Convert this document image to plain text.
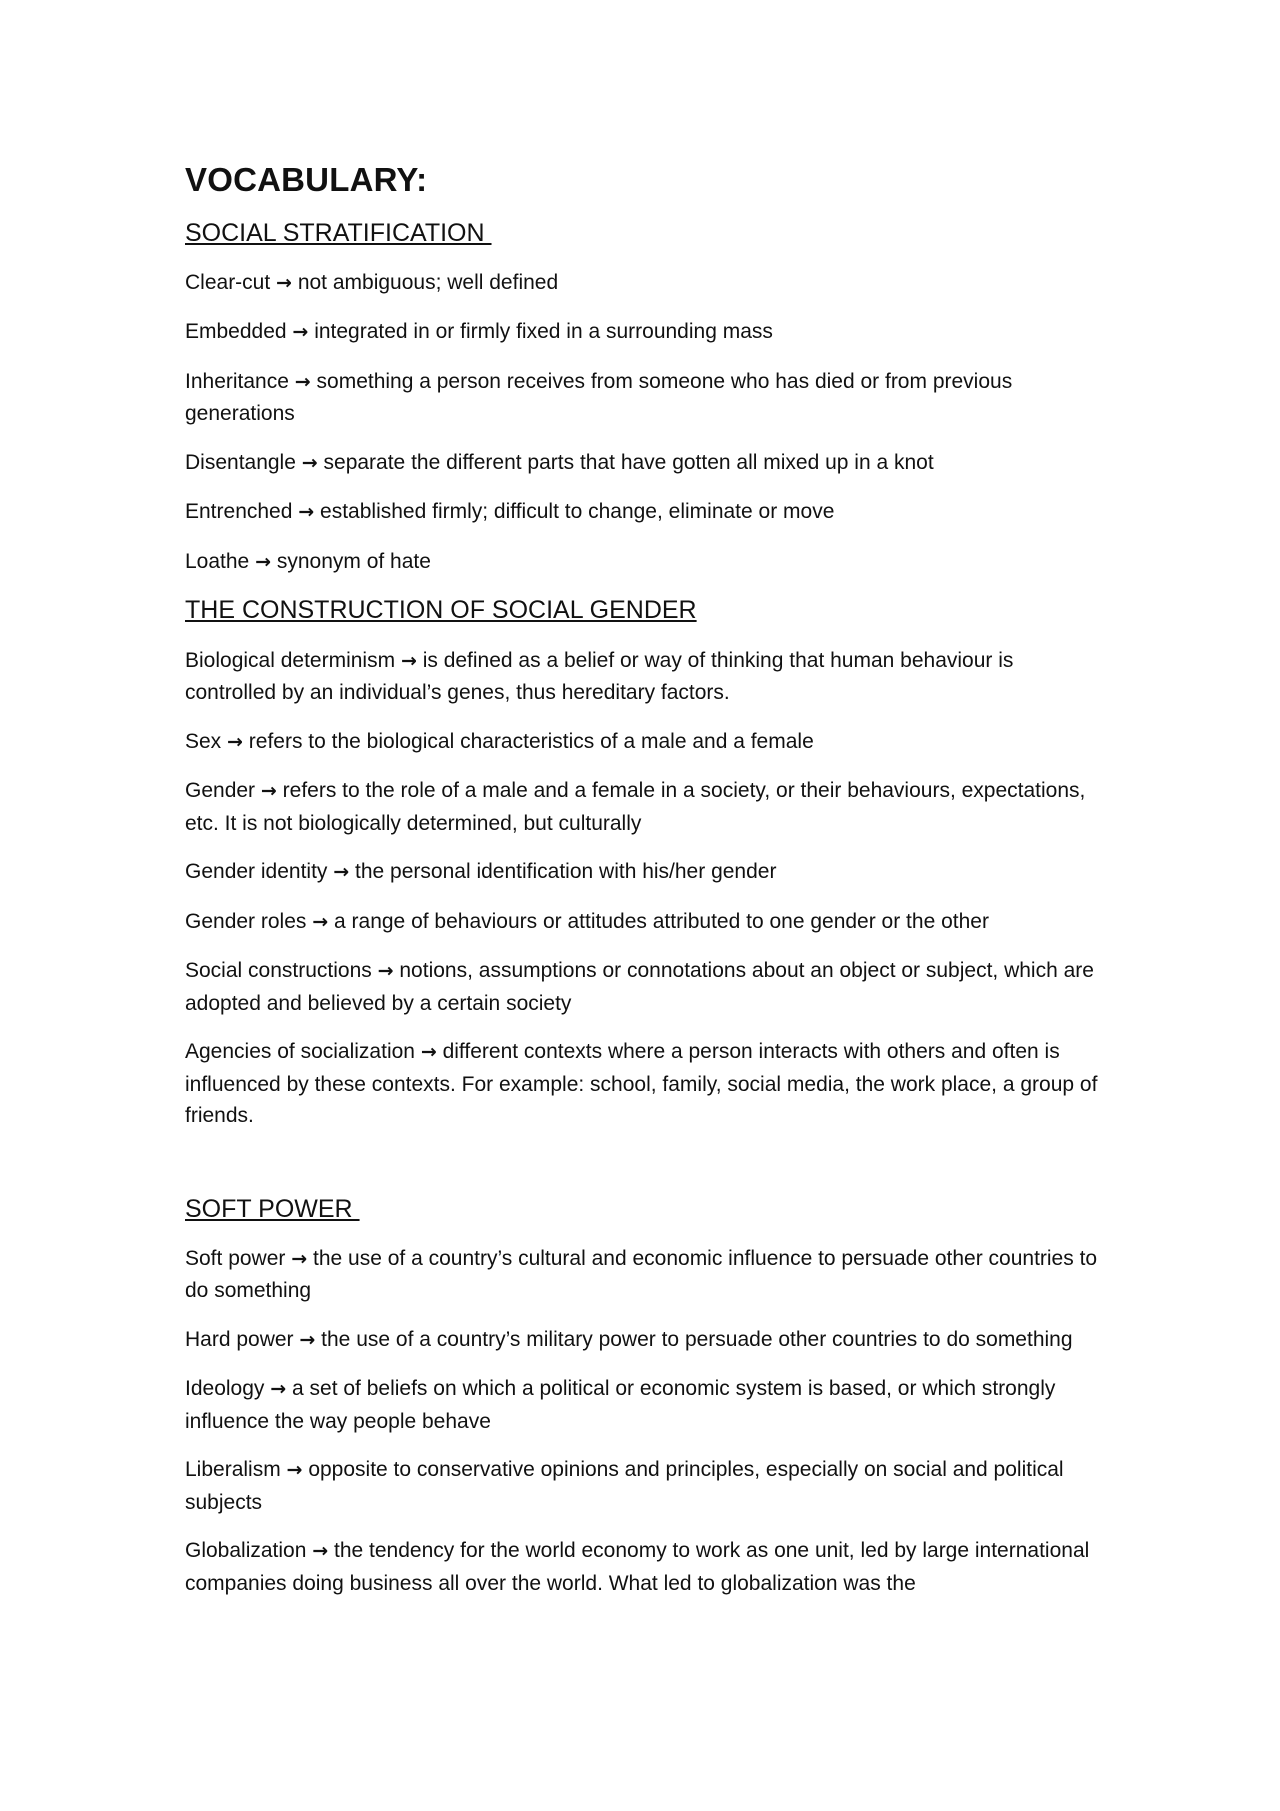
VOCABULARY:
SOCIAL STRATIFICATION

Clear-cut → not ambiguous; well defined

Embedded → integrated in or firmly fixed in a surrounding mass

Inheritance → something a person receives from someone who has died or from previous generations

Disentangle → separate the different parts that have gotten all mixed up in a knot

Entrenched → established firmly; difficult to change, eliminate or move

Loathe → synonym of hate

THE CONSTRUCTION OF SOCIAL GENDER

Biological determinism → is defined as a belief or way of thinking that human behaviour is controlled by an individual’s genes, thus hereditary factors.

Sex → refers to the biological characteristics of a male and a female

Gender → refers to the role of a male and a female in a society, or their behaviours, expectations, etc. It is not biologically determined, but culturally

Gender identity → the personal identification with his/her gender

Gender roles → a range of behaviours or attitudes attributed to one gender or the other

Social constructions → notions, assumptions or connotations about an object or subject, which are adopted and believed by a certain society

Agencies of socialization → different contexts where a person interacts with others and often is influenced by these contexts. For example: school, family, social media, the work place, a group of friends.

SOFT POWER

Soft power → the use of a country’s cultural and economic influence to persuade other countries to do something

Hard power → the use of a country’s military power to persuade other countries to do something

Ideology → a set of beliefs on which a political or economic system is based, or which strongly influence the way people behave

Liberalism → opposite to conservative opinions and principles, especially on social and political subjects

Globalization → the tendency for the world economy to work as one unit, led by large international companies doing business all over the world. What led to globalization was the
